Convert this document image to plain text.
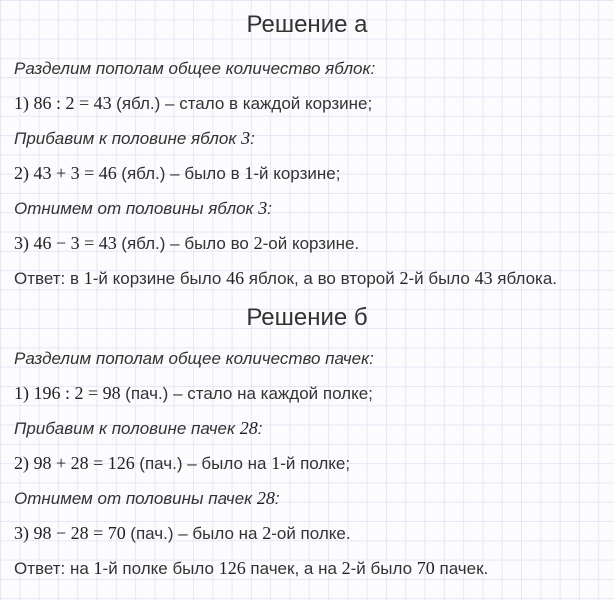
Решение а

Разделим пополам общее количество яблок:

1) 86 : 2 = 43 (ябл.) – стало в каждой корзине;

Прибавим к половине яблок 3:

2) 43 + 3 = 46 (ябл.) – было в 1-й корзине;

Отнимем от половины яблок 3:

3) 46 − 3 = 43 (ябл.) – было во 2-ой корзине.

Ответ: в 1-й корзине было 46 яблок, а во второй 2-й было 43 яблока.

Решение б

Разделим пополам общее количество пачек:

1) 196 : 2 = 98 (пач.) – стало на каждой полке;

Прибавим к половине пачек 28:

2) 98 + 28 = 126 (пач.) – было на 1-й полке;

Отнимем от половины пачек 28:

3) 98 − 28 = 70 (пач.) – было на 2-ой полке.

Ответ: на 1-й полке было 126 пачек, а на 2-й было 70 пачек.
